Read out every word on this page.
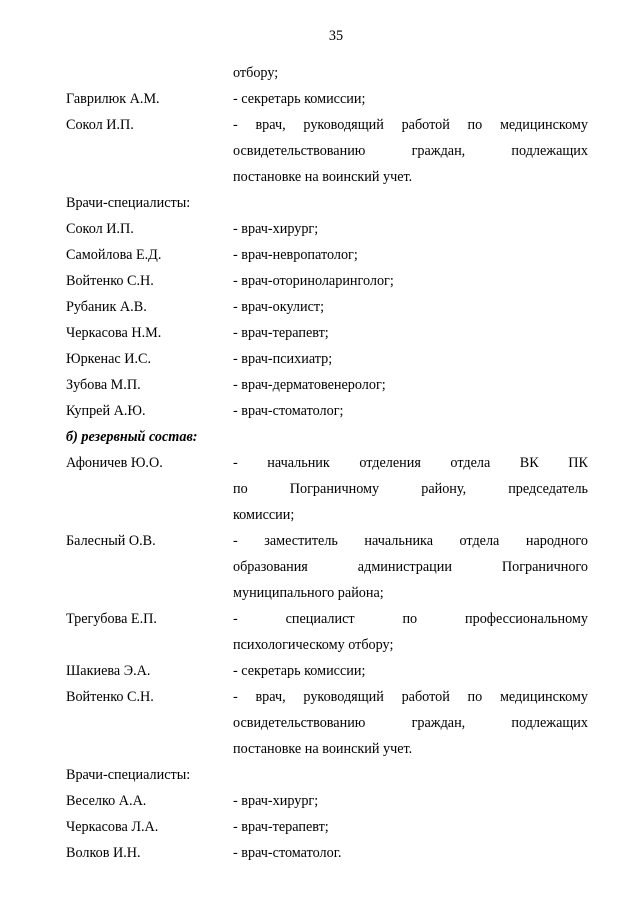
35
отбору;
Гаврилюк А.М.	- секретарь комиссии;
Сокол И.П.	- врач, руководящий работой по медицинскому
освидетельствованию граждан, подлежащих
постановке на воинский учет.
Врачи-специалисты:
Сокол И.П.	- врач-хирург;
Самойлова Е.Д.	- врач-невропатолог;
Войтенко С.Н.	- врач-оториноларинголог;
Рубаник А.В.	- врач-окулист;
Черкасова Н.М.	- врач-терапевт;
Юркенас И.С.	- врач-психиатр;
Зубова М.П.	- врач-дерматовенеролог;
Купрей А.Ю.	- врач-стоматолог;
б) резервный состав:
Афоничев Ю.О.	- начальник отделения отдела ВК ПК
по Пограничному району, председатель
комиссии;
Балесный О.В.	- заместитель начальника отдела народного
образования администрации Пограничного
муниципального района;
Трегубова Е.П.	- специалист по профессиональному
психологическому отбору;
Шакиева Э.А.	- секретарь комиссии;
Войтенко С.Н.	- врач, руководящий работой по медицинскому
освидетельствованию граждан, подлежащих
постановке на воинский учет.
Врачи-специалисты:
Веселко А.А.	- врач-хирург;
Черкасова Л.А.	- врач-терапевт;
Волков И.Н.	- врач-стоматолог.
